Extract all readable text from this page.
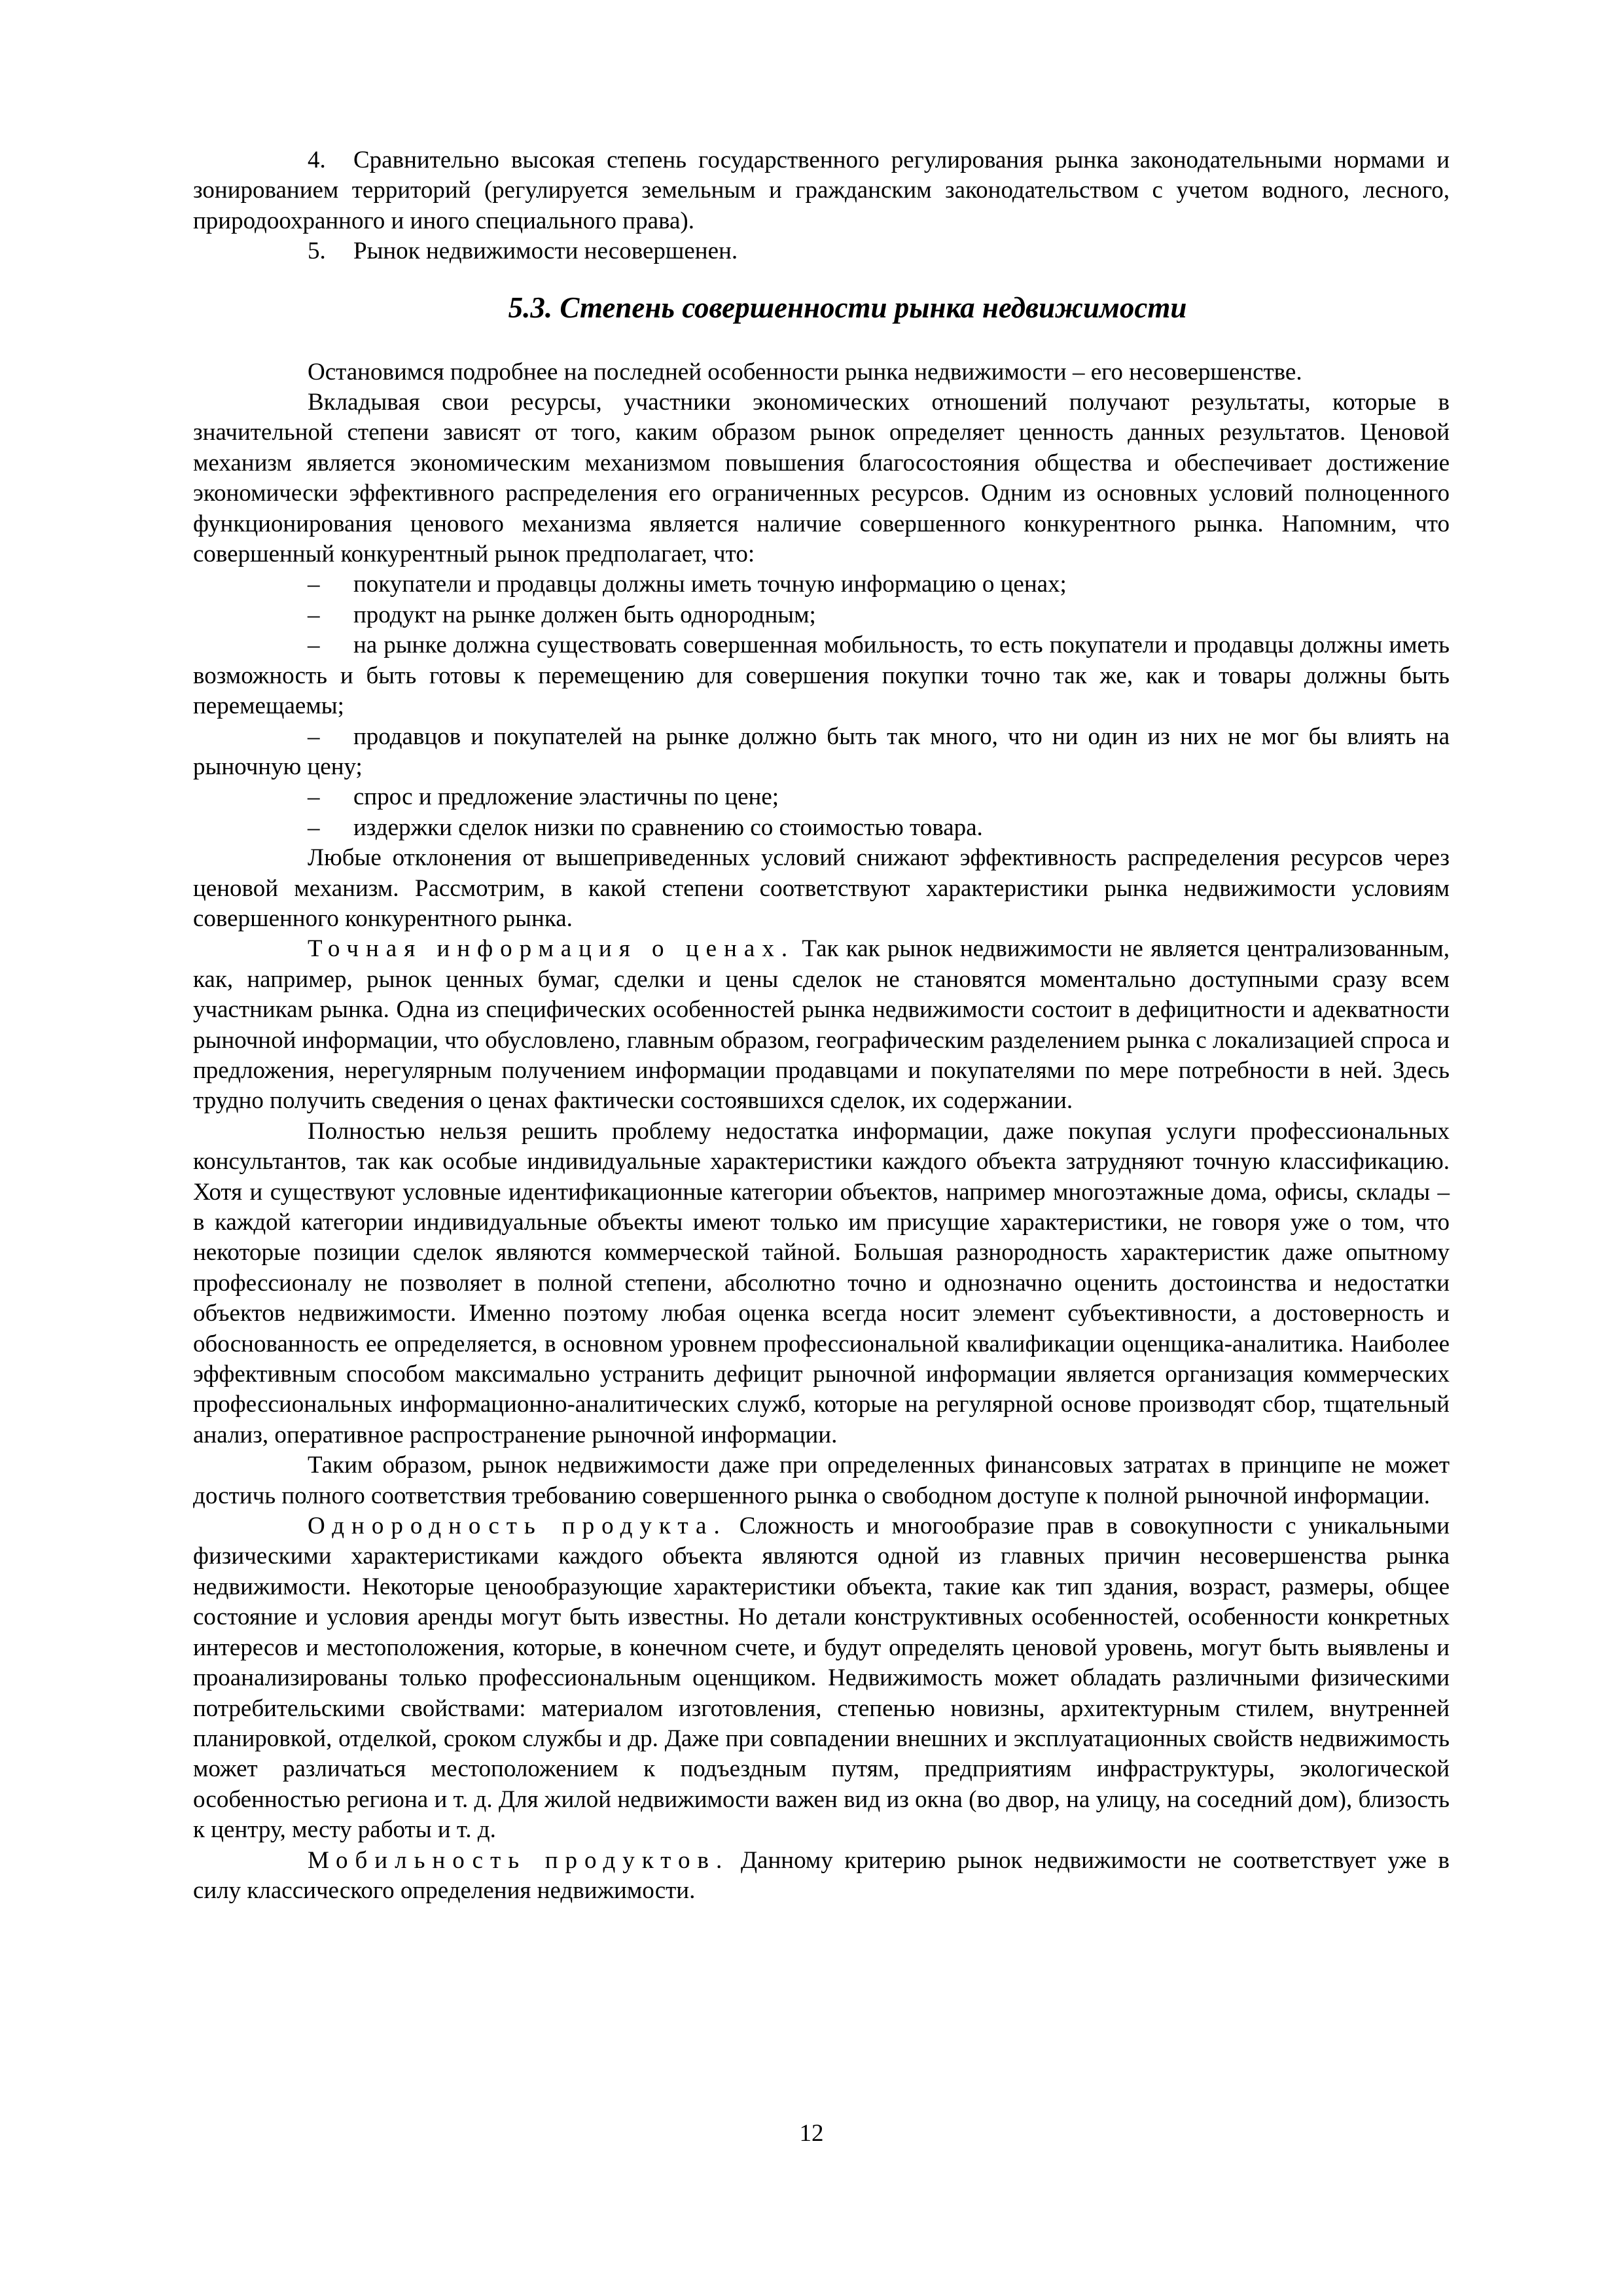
4. Сравнительно высокая степень государственного регулирования рынка законодательными нормами и зонированием территорий (регулируется земельным и гражданским законодательством с учетом водного, лесного, природоохранного и иного специального права).

5. Рынок недвижимости несовершенен.

5.3. Степень совершенности рынка недвижимости

Остановимся подробнее на последней особенности рынка недвижимости – его несовершенстве.

Вкладывая свои ресурсы, участники экономических отношений получают результаты, которые в значительной степени зависят от того, каким образом рынок определяет ценность данных результатов. Ценовой механизм является экономическим механизмом повышения благосостояния общества и обеспечивает достижение экономически эффективного распределения его ограниченных ресурсов. Одним из основных условий полноценного функционирования ценового механизма является наличие совершенного конкурентного рынка. Напомним, что совершенный конкурентный рынок предполагает, что:

– покупатели и продавцы должны иметь точную информацию о ценах;

– продукт на рынке должен быть однородным;

– на рынке должна существовать совершенная мобильность, то есть покупатели и продавцы должны иметь возможность и быть готовы к перемещению для совершения покупки точно так же, как и товары должны быть перемещаемы;

– продавцов и покупателей на рынке должно быть так много, что ни один из них не мог бы влиять на рыночную цену;

– спрос и предложение эластичны по цене;

– издержки сделок низки по сравнению со стоимостью товара.

Любые отклонения от вышеприведенных условий снижают эффективность распределения ресурсов через ценовой механизм. Рассмотрим, в какой степени соответствуют характеристики рынка недвижимости условиям совершенного конкурентного рынка.

Точная информация о ценах. Так как рынок недвижимости не является централизованным, как, например, рынок ценных бумаг, сделки и цены сделок не становятся моментально доступными сразу всем участникам рынка. Одна из специфических особенностей рынка недвижимости состоит в дефицитности и адекватности рыночной информации, что обусловлено, главным образом, географическим разделением рынка с локализацией спроса и предложения, нерегулярным получением информации продавцами и покупателями по мере потребности в ней. Здесь трудно получить сведения о ценах фактически состоявшихся сделок, их содержании.

Полностью нельзя решить проблему недостатка информации, даже покупая услуги профессиональных консультантов, так как особые индивидуальные характеристики каждого объекта затрудняют точную классификацию. Хотя и существуют условные идентификационные категории объектов, например многоэтажные дома, офисы, склады – в каждой категории индивидуальные объекты имеют только им присущие характеристики, не говоря уже о том, что некоторые позиции сделок являются коммерческой тайной. Большая разнородность характеристик даже опытному профессионалу не позволяет в полной степени, абсолютно точно и однозначно оценить достоинства и недостатки объектов недвижимости. Именно поэтому любая оценка всегда носит элемент субъективности, а достоверность и обоснованность ее определяется, в основном уровнем профессиональной квалификации оценщика-аналитика. Наиболее эффективным способом максимально устранить дефицит рыночной информации является организация коммерческих профессиональных информационно-аналитических служб, которые на регулярной основе производят сбор, тщательный анализ, оперативное распространение рыночной информации.

Таким образом, рынок недвижимости даже при определенных финансовых затратах в принципе не может достичь полного соответствия требованию совершенного рынка о свободном доступе к полной рыночной информации.

Однородность продукта. Сложность и многообразие прав в совокупности с уникальными физическими характеристиками каждого объекта являются одной из главных причин несовершенства рынка недвижимости. Некоторые ценообразующие характеристики объекта, такие как тип здания, возраст, размеры, общее состояние и условия аренды могут быть известны. Но детали конструктивных особенностей, особенности конкретных интересов и местоположения, которые, в конечном счете, и будут определять ценовой уровень, могут быть выявлены и проанализированы только профессиональным оценщиком. Недвижимость может обладать различными физическими потребительскими свойствами: материалом изготовления, степенью новизны, архитектурным стилем, внутренней планировкой, отделкой, сроком службы и др. Даже при совпадении внешних и эксплуатационных свойств недвижимость может различаться местоположением к подъездным путям, предприятиям инфраструктуры, экологической особенностью региона и т. д. Для жилой недвижимости важен вид из окна (во двор, на улицу, на соседний дом), близость к центру, месту работы и т. д.

Мобильность продуктов. Данному критерию рынок недвижимости не соответствует уже в силу классического определения недвижимости.

12
